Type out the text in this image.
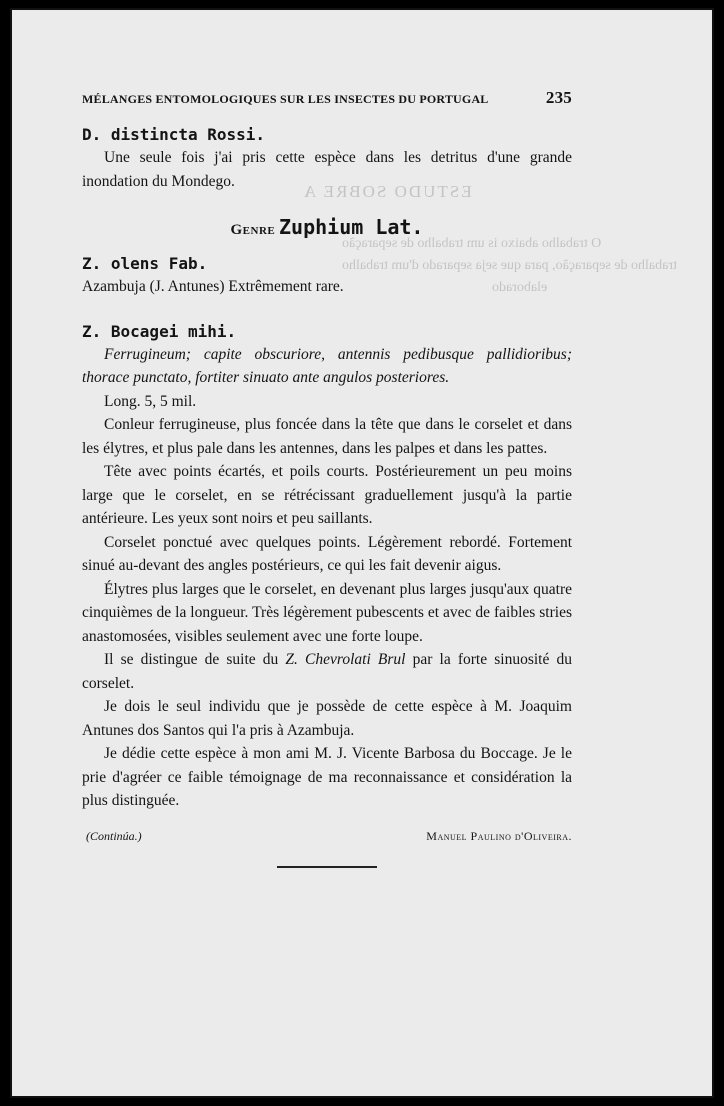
ESTUDO SOBRE A
O trabalho abaixo is um trabalho de separação
trabalho de separação, para que seja separado d'um trabalho
elaborado
MÉLANGES ENTOMOLOGIQUES SUR LES INSECTES DU PORTUGAL	235

D. distincta Rossi.

Une seule fois j'ai pris cette espèce dans les detritus d'une grande inondation du Mondego.

Genre Zuphium Lat.

Z. olens Fab.

Azambuja (J. Antunes) Extrêmement rare.

Z. Bocagei mihi.

Ferrugineum; capite obscuriore, antennis pedibusque pallidioribus; thorace punctato, fortiter sinuato ante angulos posteriores.

Long. 5, 5 mil.

Conleur ferrugineuse, plus foncée dans la tête que dans le corselet et dans les élytres, et plus pale dans les antennes, dans les palpes et dans les pattes.

Tête avec points écartés, et poils courts. Postérieurement un peu moins large que le corselet, en se rétrécissant graduellement jusqu'à la partie antérieure. Les yeux sont noirs et peu saillants.

Corselet ponctué avec quelques points. Légèrement rebordé. Fortement sinué au-devant des angles postérieurs, ce qui les fait devenir aigus.

Élytres plus larges que le corselet, en devenant plus larges jusqu'aux quatre cinquièmes de la longueur. Très légèrement pubescents et avec de faibles stries anastomosées, visibles seulement avec une forte loupe.

Il se distingue de suite du Z. Chevrolati Brul par la forte sinuosité du corselet.

Je dois le seul individu que je possède de cette espèce à M. Joaquim Antunes dos Santos qui l'a pris à Azambuja.

Je dédie cette espèce à mon ami M. J. Vicente Barbosa du Boccage. Je le prie d'agréer ce faible témoignage de ma reconnaissance et considération la plus distinguée.

(Continúa.)	Manuel Paulino d'Oliveira.
